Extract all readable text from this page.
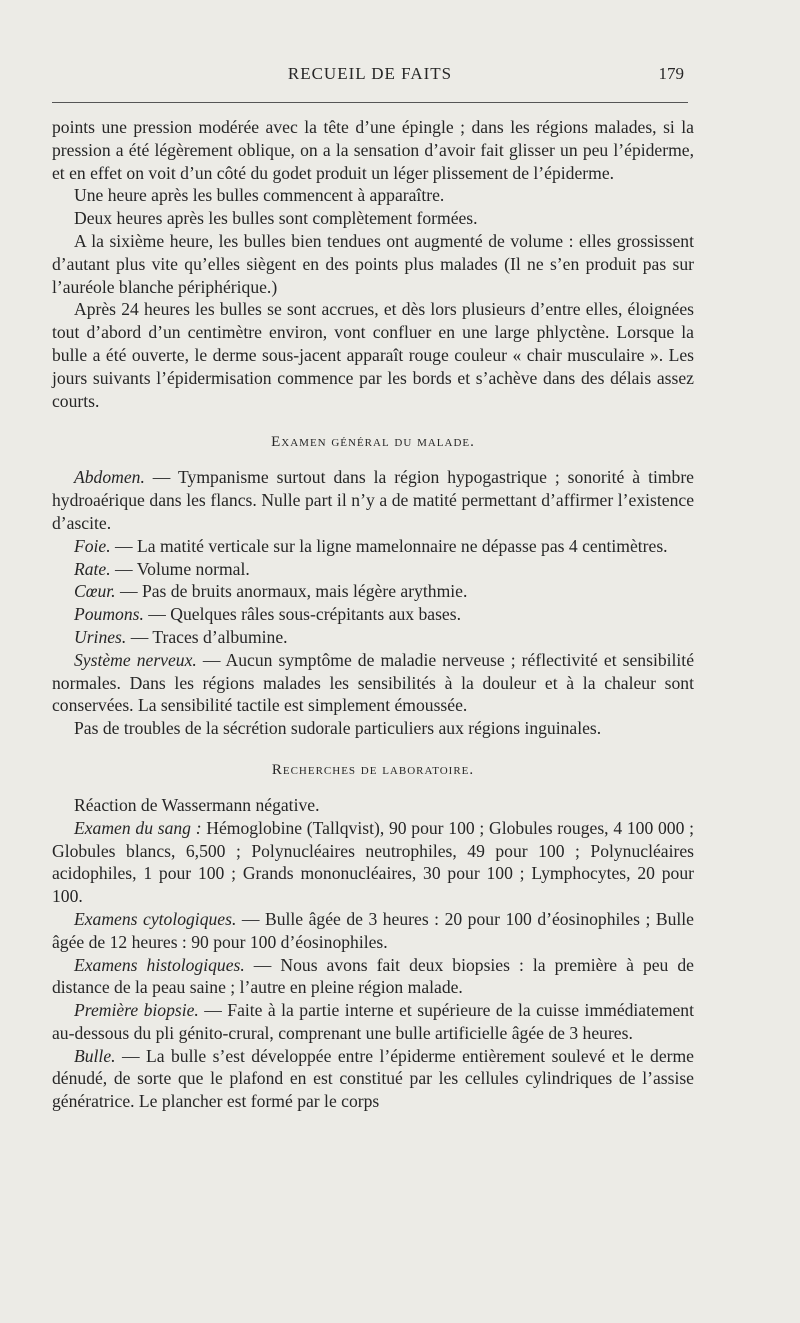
RECUEIL DE FAITS	179

points une pression modérée avec la tête d’une épingle ; dans les régions malades, si la pression a été légèrement oblique, on a la sensation d’avoir fait glisser un peu l’épiderme, et en effet on voit d’un côté du godet produit un léger plissement de l’épiderme.

Une heure après les bulles commencent à apparaître.

Deux heures après les bulles sont complètement formées.

A la sixième heure, les bulles bien tendues ont augmenté de volume : elles grossissent d’autant plus vite qu’elles siègent en des points plus malades (Il ne s’en produit pas sur l’auréole blanche périphérique.)

Après 24 heures les bulles se sont accrues, et dès lors plusieurs d’entre elles, éloignées tout d’abord d’un centimètre environ, vont confluer en une large phlyctène. Lorsque la bulle a été ouverte, le derme sous-jacent apparaît rouge couleur « chair musculaire ». Les jours suivants l’épidermisation commence par les bords et s’achève dans des délais assez courts.

Examen général du malade.

Abdomen. — Tympanisme surtout dans la région hypogastrique ; sonorité à timbre hydroaérique dans les flancs. Nulle part il n’y a de matité permettant d’affirmer l’existence d’ascite.

Foie. — La matité verticale sur la ligne mamelonnaire ne dépasse pas 4 centimètres.

Rate. — Volume normal.

Cœur. — Pas de bruits anormaux, mais légère arythmie.

Poumons. — Quelques râles sous-crépitants aux bases.

Urines. — Traces d’albumine.

Système nerveux. — Aucun symptôme de maladie nerveuse ; réflectivité et sensibilité normales. Dans les régions malades les sensibilités à la douleur et à la chaleur sont conservées. La sensibilité tactile est simplement émoussée.

Pas de troubles de la sécrétion sudorale particuliers aux régions inguinales.

Recherches de laboratoire.

Réaction de Wassermann négative.

Examen du sang : Hémoglobine (Tallqvist), 90 pour 100 ; Globules rouges, 4 100 000 ; Globules blancs, 6,500 ; Polynucléaires neutrophiles, 49 pour 100 ; Polynucléaires acidophiles, 1 pour 100 ; Grands mononucléaires, 30 pour 100 ; Lymphocytes, 20 pour 100.

Examens cytologiques. — Bulle âgée de 3 heures : 20 pour 100 d’éosinophiles ; Bulle âgée de 12 heures : 90 pour 100 d’éosinophiles.

Examens histologiques. — Nous avons fait deux biopsies : la première à peu de distance de la peau saine ; l’autre en pleine région malade.

Première biopsie. — Faite à la partie interne et supérieure de la cuisse immédiatement au-dessous du pli génito-crural, comprenant une bulle artificielle âgée de 3 heures.

Bulle. — La bulle s’est développée entre l’épiderme entièrement soulevé et le derme dénudé, de sorte que le plafond en est constitué par les cellules cylindriques de l’assise génératrice. Le plancher est formé par le corps
